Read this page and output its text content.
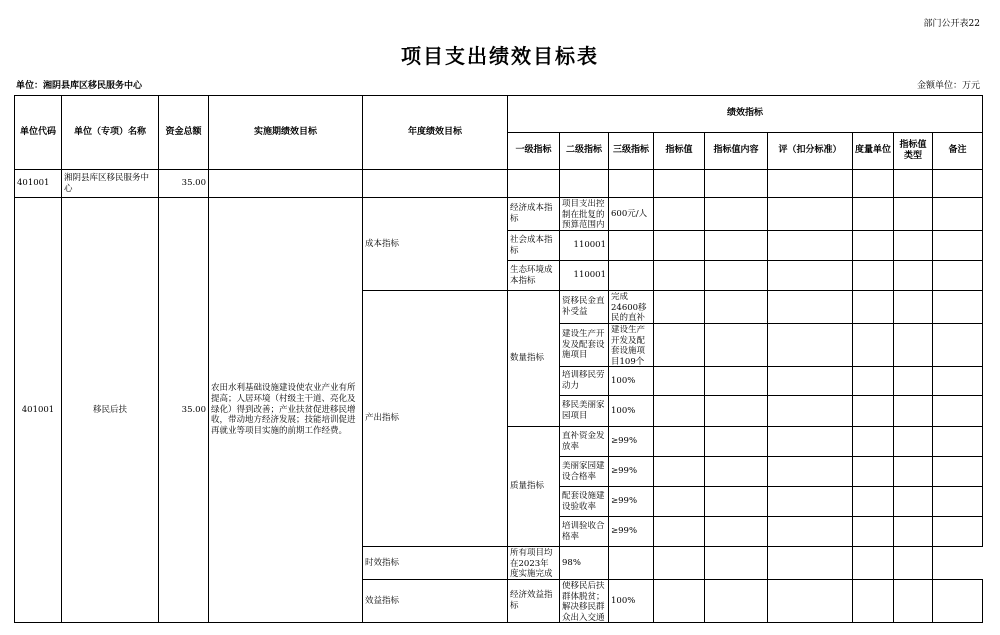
部门公开表22
项目支出绩效目标表
单位：湘阴县库区移民服务中心	金额单位：万元
单位代码	单位（专项）名称	资金总额	实施期绩效目标	年度绩效目标	绩效指标								
					一级指标	二级指标	三级指标	指标值	指标值内容	评（扣分标准）	度量单位	指标值类型	备注
401001	湘阴县库区移民服务中心	35.00											
401001	移民后扶	35.00	农田水利基础设施建设使农业产业有所提高；人居环境（村级主干道、亮化及绿化）得到改善；产业扶贫促进移民增收，带动地方经济发展；技能培训促进再就业等项目实施的前期工作经费。	成本指标	经济成本指标	项目支出控制在批复的预算范围内	600元/人						

					社会成本指标	110001							
					生态环境成本指标	110001							
				产出指标	数量指标	资移民金直补受益	完成24600移民的直补						

						建设生产开发及配套设施项目	建设生产开发及配套设施项目109个						

						培训移民劳动力	100%						

						移民美丽家园项目	100%						
					质量指标	直补资金发放率	≥99%						

						美丽家园建设合格率	≥99%						

						配套设施建设验收率	≥99%						

						培训验收合格率	≥99%						
				时效指标	所有项目均在2023年度实施完成	98%							
				效益指标	经济效益指标	使移民后扶群体脱贫；解决移民群众出入交通	100%						
